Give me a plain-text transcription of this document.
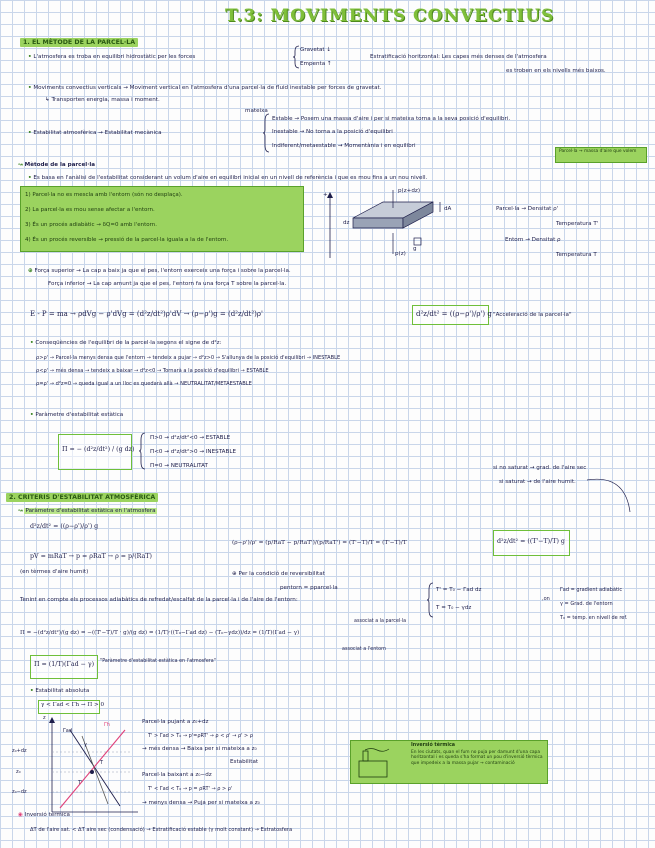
T.3: MOVIMENTS CONVECTIUS
1. EL MÈTODE DE LA PARCEL·LA
• L'atmosfera es troba en equilibri hidrostàtic per les forces
Gravetat ↓
Empenta ↑
Estratificació horitzontal: Les capes més denses de l'atmosfera
es troben en els nivells més baixos.
• Moviments convectius verticals → Moviment vertical en l'atmosfera d'una parcel·la de fluid inestable per forces de gravetat.
↳ Transporten energia, massa i moment.
• Estabilitat atmosfèrica → Estabilitat mecànica
mateixa
Estable → Posem una massa d'aire i per si mateixa torna a la seva posició d'equilibri.
Inestable → No torna a la posició d'equilibri
Indiferent/metaestable → Momentània i en equilibri
Parcel·la → massa d'aire que volem
↝ Mètode de la parcel·la
• Es basa en l'anàlisi de l'estabilitat considerant un volum d'aire en equilibri inicial en un nivell de referència i que es mou fins a un nou nivell.
1) Parcel·la no es mescla amb l'entorn (són no desplaça).
2) La parcel·la es mou sense afectar a l'entorn.
3) És un procés adiabàtic → δQ=0 amb l'entorn.
4) És un procés reversible → pressió de la parcel·la iguala a la de l'entorn.
+
p(z+dz)
p(z)
dz
dA
g
Parcel·la → Densitat ρ'
Temperatura T'
Entorn → Densitat ρ
Temperatura T
⊕ Força superior → La cap a baix ja que el pes, l'entorn exerceix una força i sobre la parcel·la.
Força inferior → La cap amunt ja que el pes, l'entorn fa una força T sobre la parcel·la.
E - P = ma → ρdVg − ρ'dVg = (d²z/dt²)ρ'dV → (ρ−ρ')g = (d²z/dt²)ρ'	d²z/dt² = ((ρ−ρ')/ρ') g "Acceleració de la parcel·la"
• Conseqüències de l'equilibri de la parcel·la segons el signe de d²z:
ρ>ρ' → Parcel·la menys densa que l'entorn → tendeix a pujar → d²z>0 → S'allunya de la posició d'equilibri → INESTABLE
ρ<ρ' → més densa → tendeix a baixar → d²z<0 → Tornarà a la posició d'equilibri → ESTABLE
ρ=ρ' → d²z=0 → queda igual a un lloc es quedarà allà → NEUTRALITAT/METAESTABLE
• Paràmetre d'estabilitat estàtica
Π = − (d²z/dt²) / (g dz)
Π>0 → d²z/dt²<0 → ESTABLE
Π<0 → d²z/dt²>0 → INESTABLE
Π=0 → NEUTRALITAT	si no saturat → grad. de l'aire sec
si saturat → de l'aire humit.
2. CRITERIS D'ESTABILITAT ATMOSFÈRICA
↝ Paràmetre d'estabilitat estàtica en l'atmosfera
d²z/dt² = ((ρ−ρ')/ρ') g
pV = mRaT → p = ρRaT → ρ = p/(RaT)
(en tèrmes d'aire humit)
(ρ−ρ')/ρ' = (p/RaT − p/RaT')/(p/RaT') = (T'−T)/T = (T'−T)/T	d²z/dt² = ((T'−T)/T) g
⊕ Per la condició de reversibilitat
pentorn = pparcel·la
Tenint en compte els processos adiabàtics de refredat/escalfat de la parcel·la i de l'aire de l'entorn:
T' = T₀ − Γad dz
T = T₀ − γdz
,on
Γad = gradient adiabàtic
γ = Grad. de l'entorn
T₀ = temp. en nivell de ref.
Π = −(d²z/dt²)/(g dz) = −((T'−T)/T · g)/(g dz) = (1/T)·((T₀−Γad dz) − (T₀−γdz))/dz = (1/T)(Γad − γ)
associat a la parcel·la
associat a l'entorn
Π = (1/T)(Γad − γ) "Paràmetre d'estabilitat estàtica en l'atmosfera"
• Estabilitat absoluta
γ < Γad < Γh → Π > 0
z₀+dz
z₀
z₀−dz
Γad
Γh
γ
T
T'
z
Parcel·la pujant a z₀+dz
T' > Γad > T₀ → p'=ρRT' → ρ < ρ' → ρ' > ρ
→ més densa → Baixa per si mateixa a z₀
Estabilitat
Parcel·la baixant a z₀−dz
T' < Γad < T₀ → p = ρRT' → ρ > ρ'
→ menys densa → Puja per si mateixa a z₀
Inversió tèrmica
En les ciutats, quan el fum no puja per damunt d'una capa horitzontal i es queda s'ha format un pou d'inversió tèrmica que impedeix a la massa pujar → contaminació
◉ Inversió tèrmica
ΔT de l'aire sat. < ΔT aire sec (condensació) → Estratificació estable (γ molt constant) → Estratosfera
